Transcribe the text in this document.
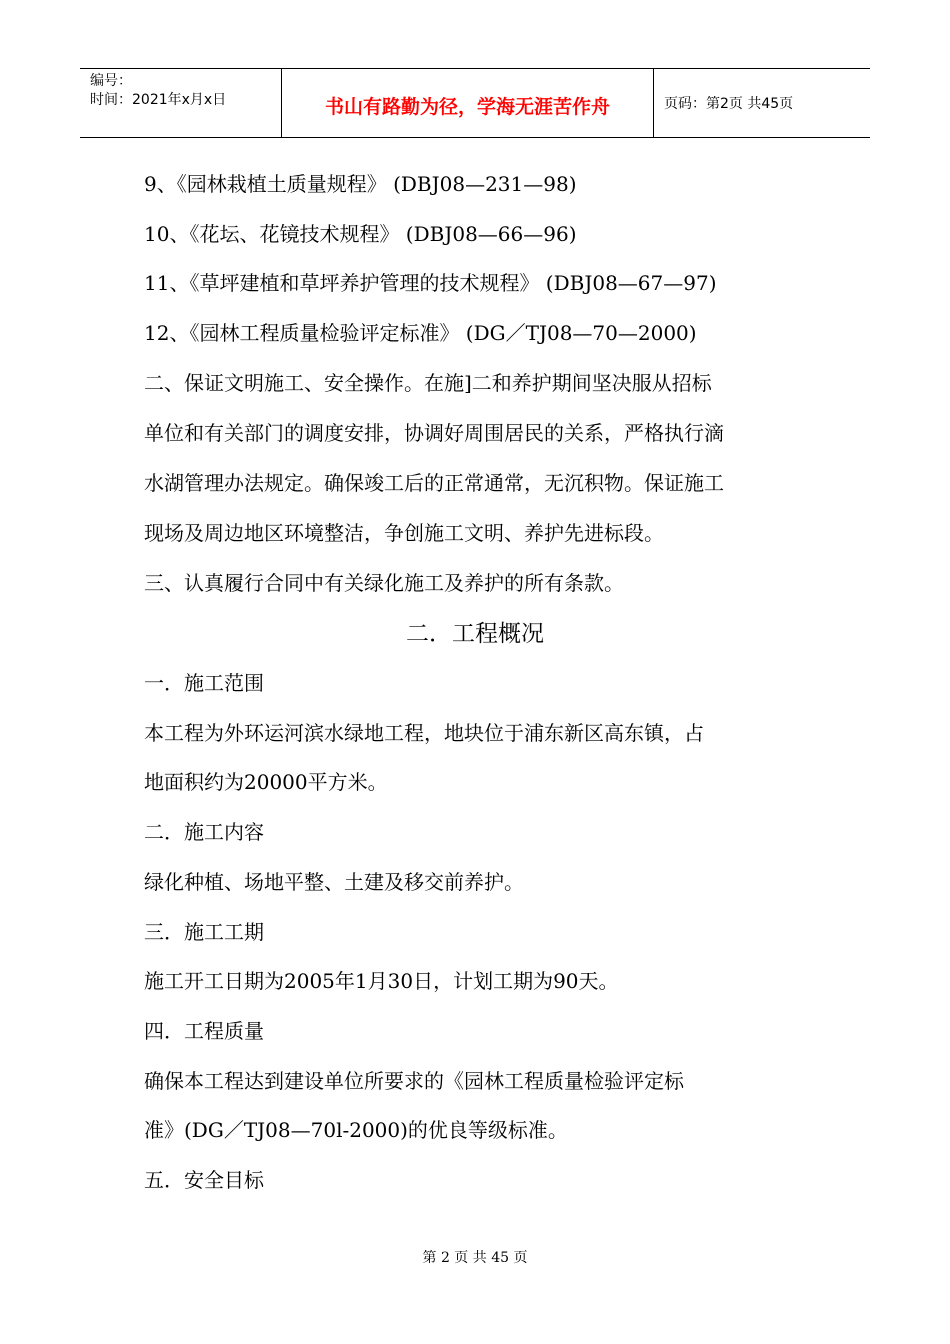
编号：
时间：2021年x月x日	书山有路勤为径，学海无涯苦作舟	页码：第2页 共45页
9、《园林栽植土质量规程》 (DBJ08—231—98)
10、《花坛、花镜技术规程》 (DBJ08—66—96)
11、《草坪建植和草坪养护管理的技术规程》 (DBJ08—67—97)
12、《园林工程质量检验评定标准》 (DG／TJ08—70—2000)
二、保证文明施工、安全操作。在施]二和养护期间坚决服从招标
单位和有关部门的调度安排，协调好周围居民的关系，严格执行滴
水湖管理办法规定。确保竣工后的正常通常，无沉积物。保证施工
现场及周边地区环境整洁，争创施工文明、养护先进标段。
三、认真履行合同中有关绿化施工及养护的所有条款。
二．工程概况
一．施工范围
本工程为外环运河滨水绿地工程，地块位于浦东新区高东镇，占
地面积约为20000平方米。
二．施工内容
绿化种植、场地平整、土建及移交前养护。
三．施工工期
施工开工日期为2005年1月30日，计划工期为90天。
四．工程质量
确保本工程达到建设单位所要求的《园林工程质量检验评定标
准》(DG／TJ08—70l-2000)的优良等级标准。
五．安全目标
第 2 页 共 45 页
